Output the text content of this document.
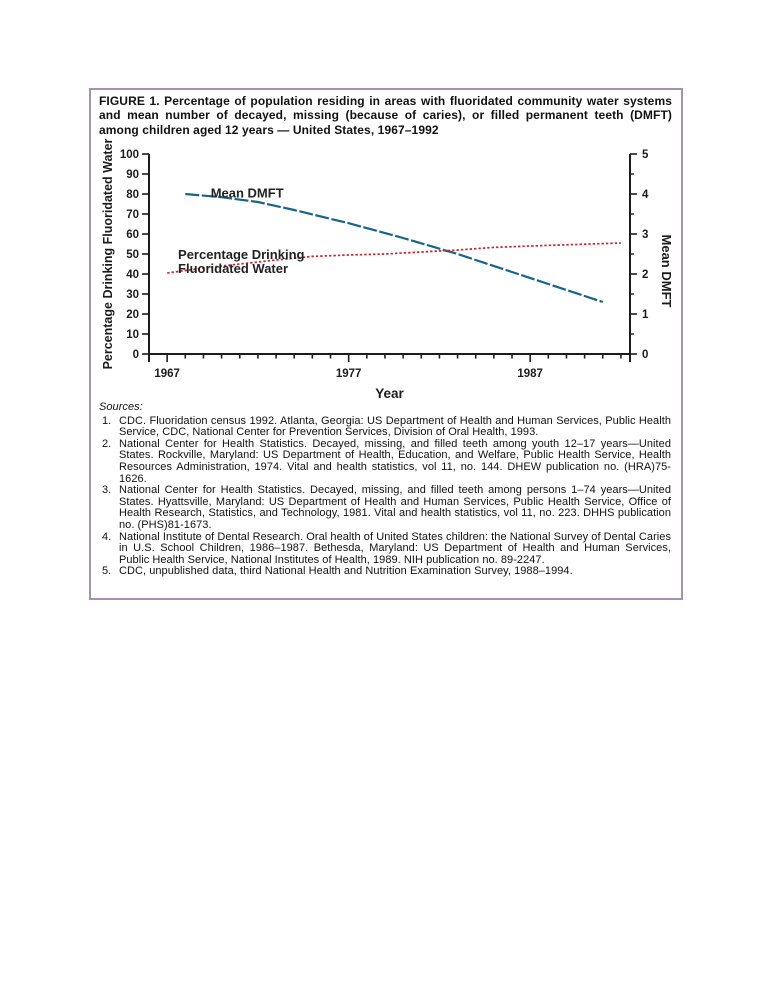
FIGURE 1. Percentage of population residing in areas with fluoridated community water systems and mean number of decayed, missing (because of caries), or filled permanent teeth (DMFT) among children aged 12 years — United States, 1967–1992
0
10
20
30
40
50
60
70
80
90
100
0
1
2
3
4
5
1967	1977	1987
Percentage Drinking Fluoridated Water	Mean DMFT
Year
Mean DMFT
Percentage Drinking
Fluoridated Water
Sources:
1. CDC. Fluoridation census 1992. Atlanta, Georgia: US Department of Health and Human Services, Public Health Service, CDC, National Center for Prevention Services, Division of Oral Health, 1993.
2. National Center for Health Statistics. Decayed, missing, and filled teeth among youth 12–17 years—United States. Rockville, Maryland: US Department of Health, Education, and Welfare, Public Health Service, Health Resources Administration, 1974. Vital and health statistics, vol 11, no. 144. DHEW publication no. (HRA)75-1626.
3. National Center for Health Statistics. Decayed, missing, and filled teeth among persons 1–74 years—United States. Hyattsville, Maryland: US Department of Health and Human Services, Public Health Service, Office of Health Research, Statistics, and Technology, 1981. Vital and health statistics, vol 11, no. 223. DHHS publication no. (PHS)81-1673.
4. National Institute of Dental Research. Oral health of United States children: the National Survey of Dental Caries in U.S. School Children, 1986–1987. Bethesda, Maryland: US Department of Health and Human Services, Public Health Service, National Institutes of Health, 1989. NIH publication no. 89-2247.
5. CDC, unpublished data, third National Health and Nutrition Examination Survey, 1988–1994.
